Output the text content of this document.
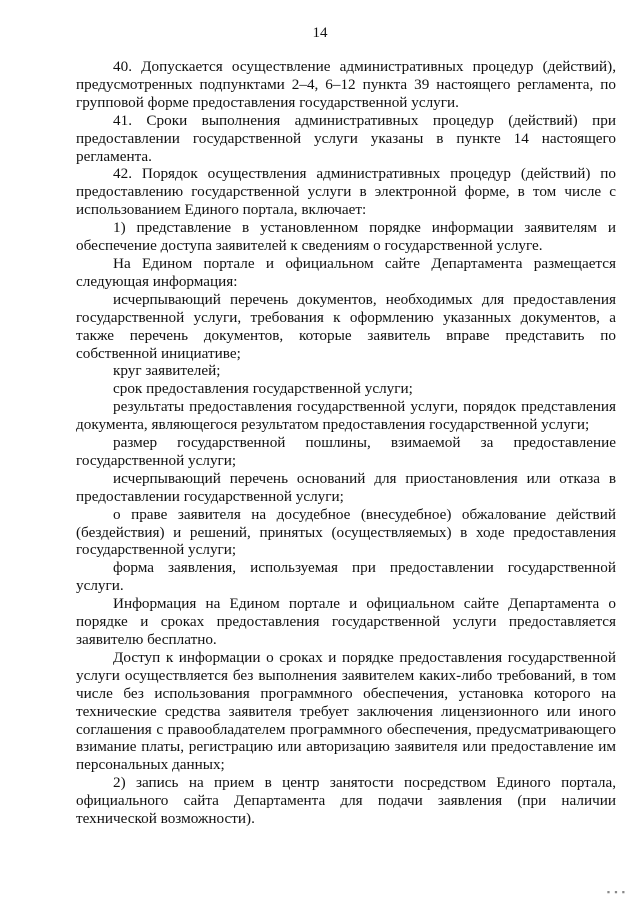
14

40. Допускается осуществление административных процедур (действий), предусмотренных подпунктами 2–4, 6–12 пункта 39 настоящего регламента, по групповой форме предоставления государственной услуги.

41. Сроки выполнения административных процедур (действий) при предоставлении государственной услуги указаны в пункте 14 настоящего регламента.

42. Порядок осуществления административных процедур (действий) по предоставлению государственной услуги в электронной форме, в том числе с использованием Единого портала, включает:

1) представление в установленном порядке информации заявителям и обеспечение доступа заявителей к сведениям о государственной услуге.

На Едином портале и официальном сайте Департамента размещается следующая информация:

исчерпывающий перечень документов, необходимых для предоставления государственной услуги, требования к оформлению указанных документов, а также перечень документов, которые заявитель вправе представить по собственной инициативе;

круг заявителей;

срок предоставления государственной услуги;

результаты предоставления государственной услуги, порядок представления документа, являющегося результатом предоставления государственной услуги;

размер государственной пошлины, взимаемой за предоставление государственной услуги;

исчерпывающий перечень оснований для приостановления или отказа в предоставлении государственной услуги;

о праве заявителя на досудебное (внесудебное) обжалование действий (бездействия) и решений, принятых (осуществляемых) в ходе предоставления государственной услуги;

форма заявления, используемая при предоставлении государственной услуги.

Информация на Едином портале и официальном сайте Департамента о порядке и сроках предоставления государственной услуги предоставляется заявителю бесплатно.

Доступ к информации о сроках и порядке предоставления государственной услуги осуществляется без выполнения заявителем каких-либо требований, в том числе без использования программного обеспечения, установка которого на технические средства заявителя требует заключения лицензионного или иного соглашения с правообладателем программного обеспечения, предусматривающего взимание платы, регистрацию или авторизацию заявителя или предоставление им персональных данных;

2) запись на прием в центр занятости посредством Единого портала, официального сайта Департамента для подачи заявления (при наличии технической возможности).

▪ ▪ ▪
